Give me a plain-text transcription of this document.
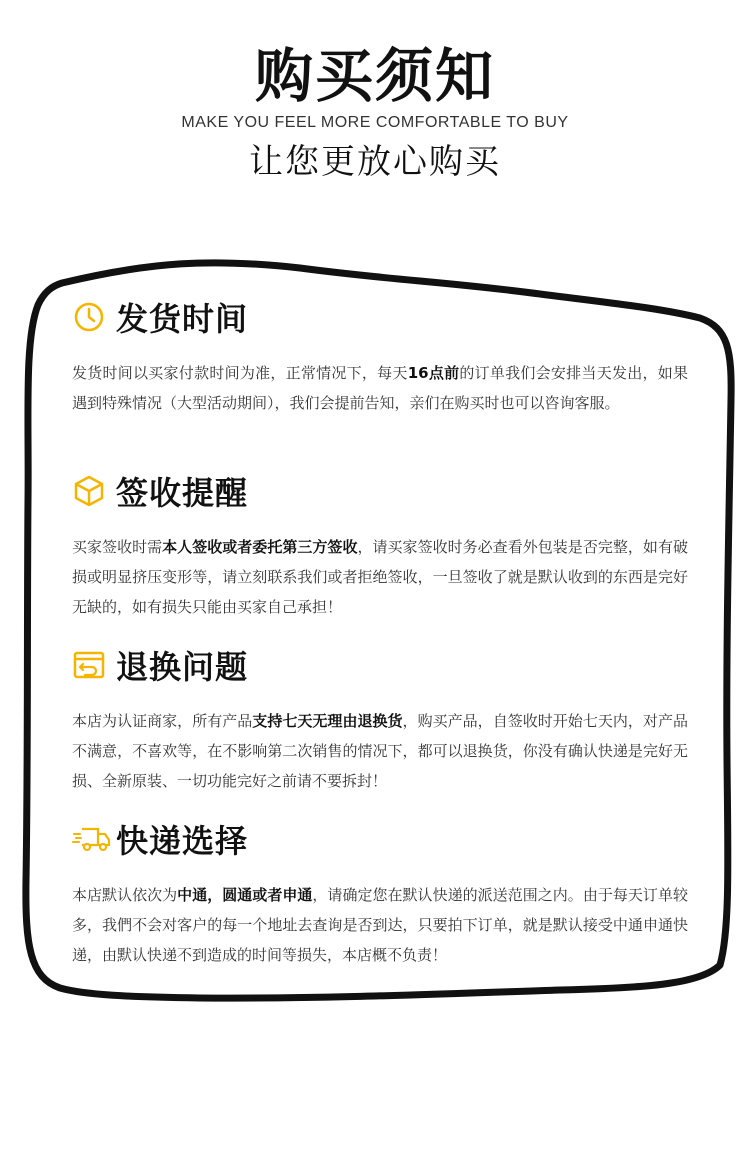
购买须知
MAKE YOU FEEL MORE COMFORTABLE TO BUY
让您更放心购买
发货时间
发货时间以买家付款时间为准，正常情况下，每天16点前的订单我们会安排当天发出，如果遇到特殊情况（大型活动期间），我们会提前告知，亲们在购买时也可以咨询客服。
签收提醒
买家签收时需本人签收或者委托第三方签收，请买家签收时务必查看外包装是否完整，如有破损或明显挤压变形等，请立刻联系我们或者拒绝签收，一旦签收了就是默认收到的东西是完好无缺的，如有损失只能由买家自己承担！
退换问题
本店为认证商家，所有产品支持七天无理由退换货，购买产品，自签收时开始七天内，对产品不满意，不喜欢等，在不影响第二次销售的情况下，都可以退换货，你没有确认快递是完好无损、全新原装、一切功能完好之前请不要拆封！
快递选择
本店默认依次为中通，圆通或者申通，请确定您在默认快递的派送范围之内。由于每天订单较多，我們不会对客户的每一个地址去查询是否到达，只要拍下订单，就是默认接受中通申通快递，由默认快递不到造成的时间等损失，本店概不负责！
